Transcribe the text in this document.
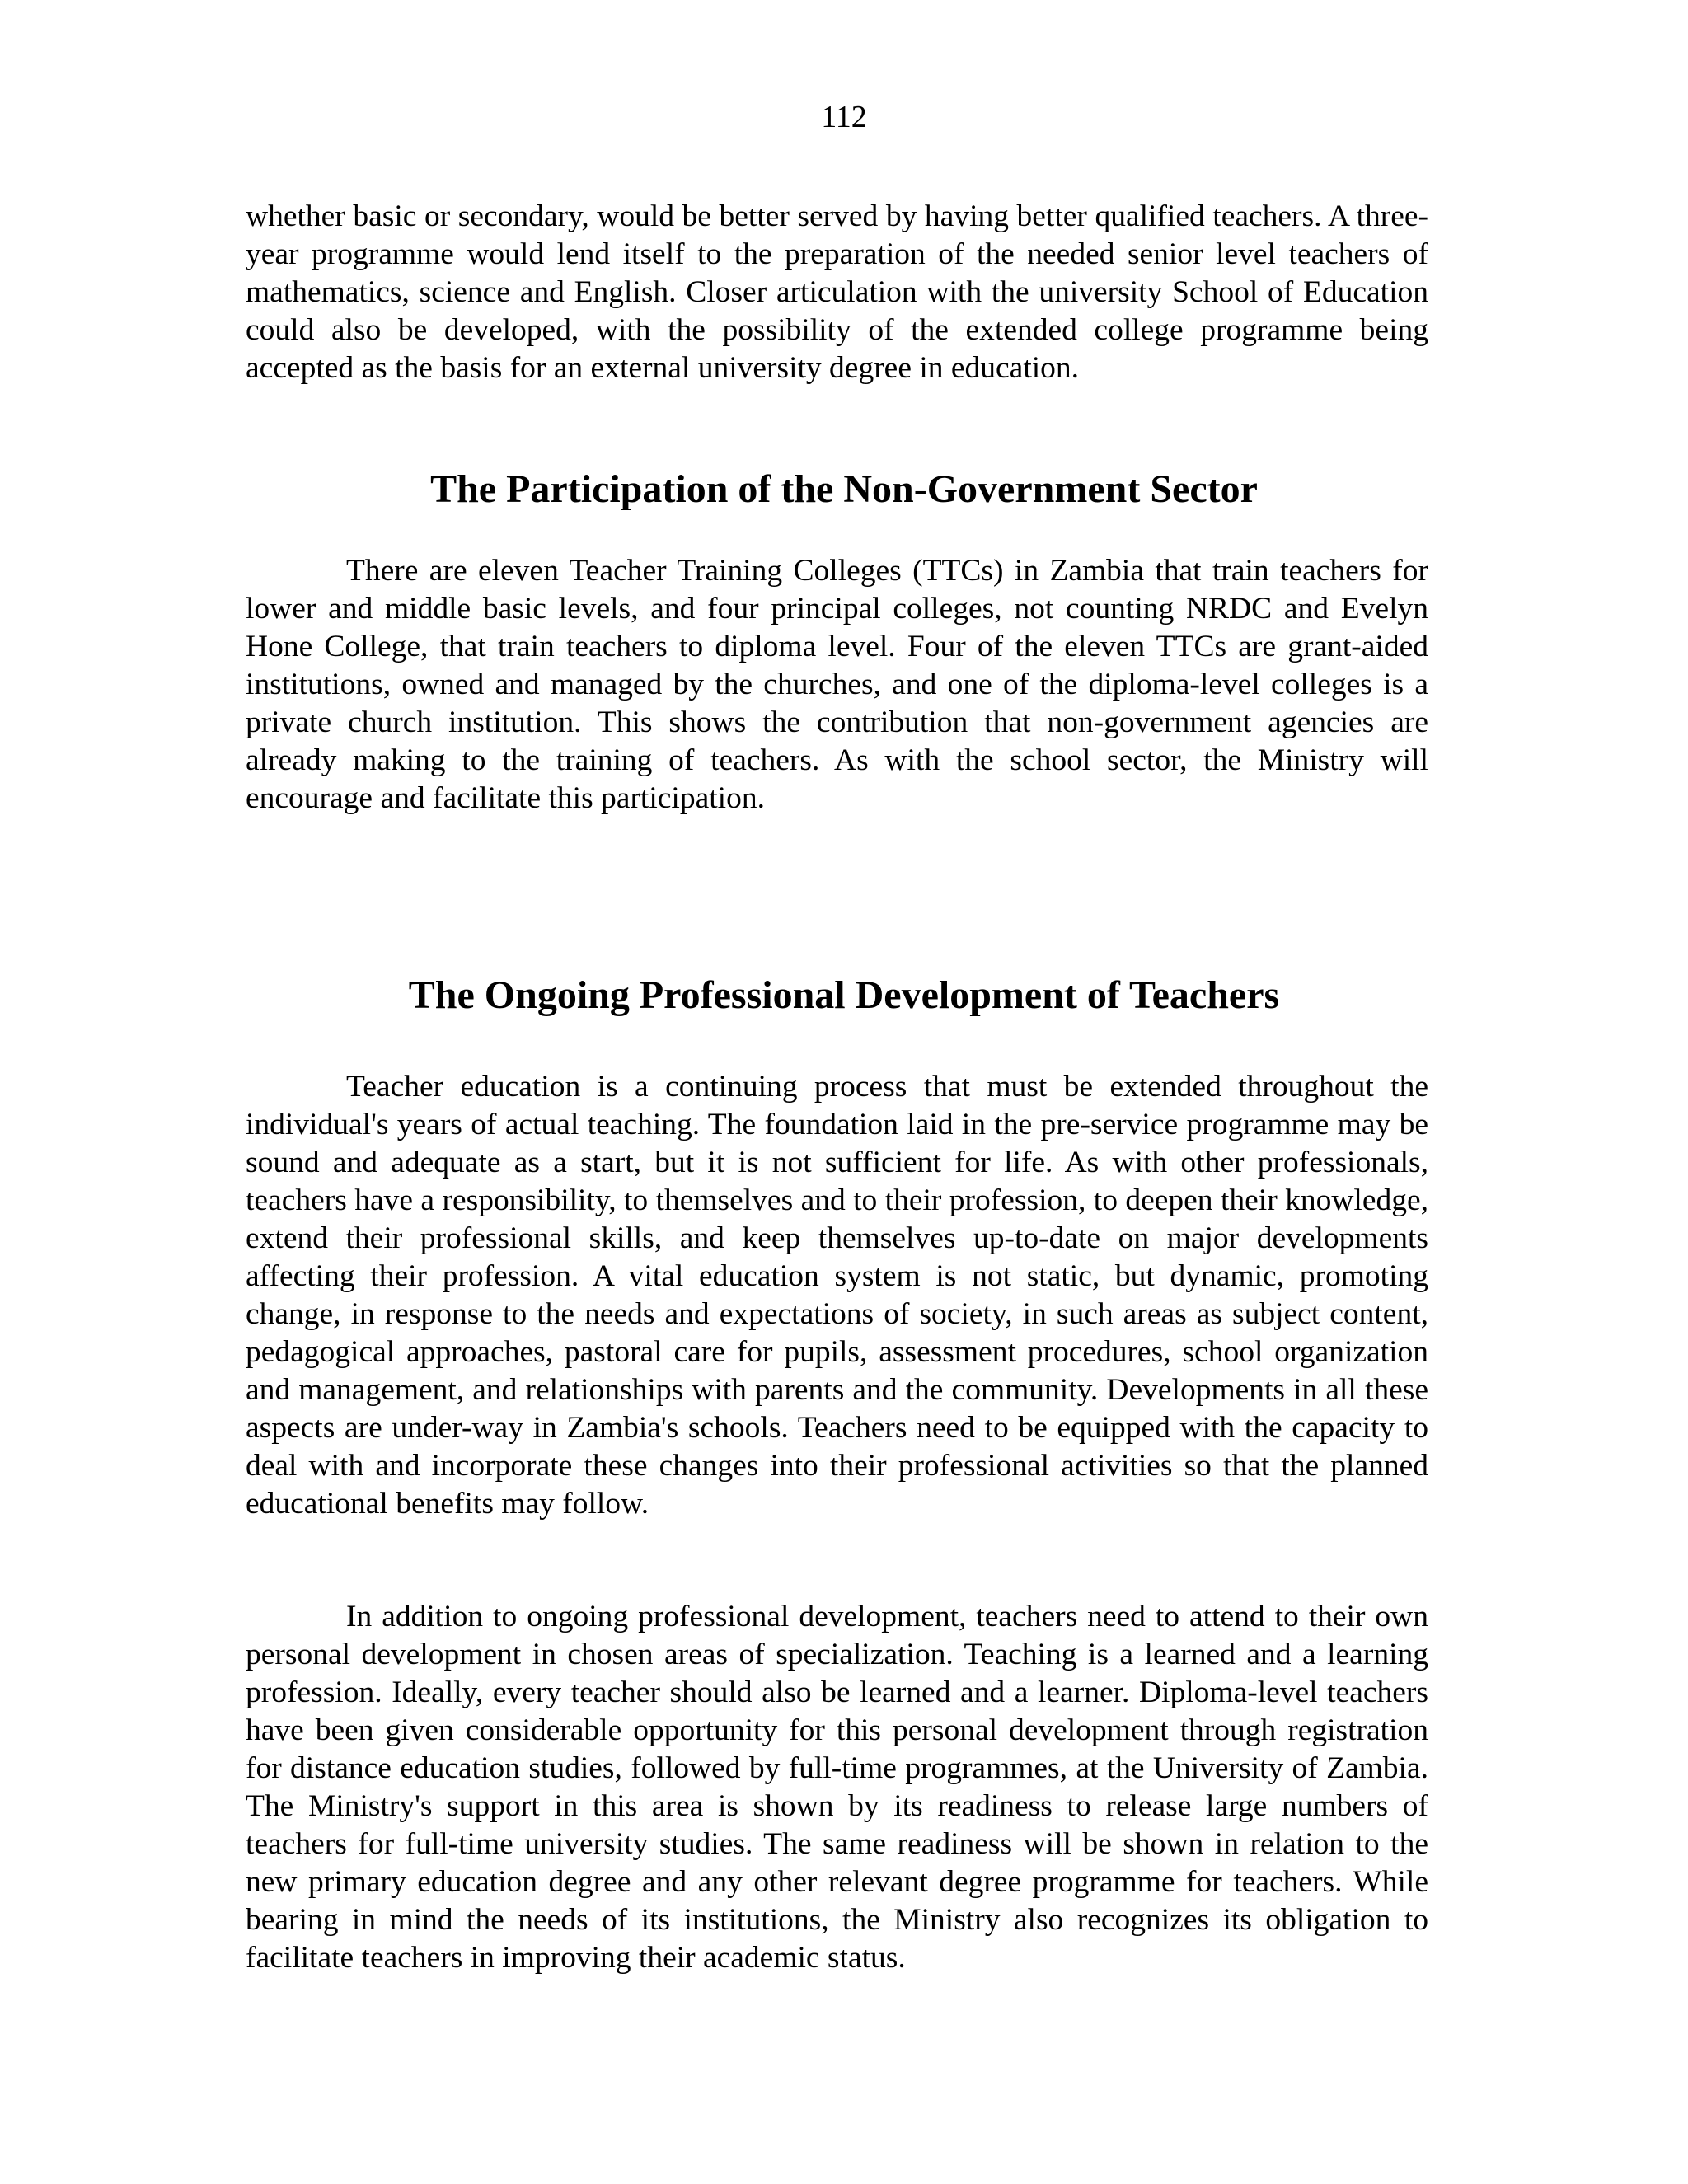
112

whether basic or secondary, would be better served by having better qualified teachers. A three-year programme would lend itself to the preparation of the needed senior level teachers of mathematics, science and English. Closer articulation with the university School of Education could also be developed, with the possibility of the extended college programme being accepted as the basis for an external university degree in education.

The Participation of the Non-Government Sector

There are eleven Teacher Training Colleges (TTCs) in Zambia that train teachers for lower and middle basic levels, and four principal colleges, not counting NRDC and Evelyn Hone College, that train teachers to diploma level. Four of the eleven TTCs are grant-aided institutions, owned and managed by the churches, and one of the diploma-level colleges is a private church institution. This shows the contribution that non-government agencies are already making to the training of teachers. As with the school sector, the Ministry will encourage and facilitate this participation.

The Ongoing Professional Development of Teachers

Teacher education is a continuing process that must be extended throughout the individual's years of actual teaching. The foundation laid in the pre-service programme may be sound and adequate as a start, but it is not sufficient for life. As with other professionals, teachers have a responsibility, to themselves and to their profession, to deepen their knowledge, extend their professional skills, and keep themselves up-to-date on major developments affecting their profession. A vital education system is not static, but dynamic, promoting change, in response to the needs and expectations of society, in such areas as subject content, pedagogical approaches, pastoral care for pupils, assessment procedures, school organization and management, and relationships with parents and the community. Developments in all these aspects are under-way in Zambia's schools. Teachers need to be equipped with the capacity to deal with and incorporate these changes into their professional activities so that the planned educational benefits may follow.

In addition to ongoing professional development, teachers need to attend to their own personal development in chosen areas of specialization. Teaching is a learned and a learning profession. Ideally, every teacher should also be learned and a learner. Diploma-level teachers have been given considerable opportunity for this personal development through registration for distance education studies, followed by full-time programmes, at the University of Zambia. The Ministry's support in this area is shown by its readiness to release large numbers of teachers for full-time university studies. The same readiness will be shown in relation to the new primary education degree and any other relevant degree programme for teachers. While bearing in mind the needs of its institutions, the Ministry also recognizes its obligation to facilitate teachers in improving their academic status.
